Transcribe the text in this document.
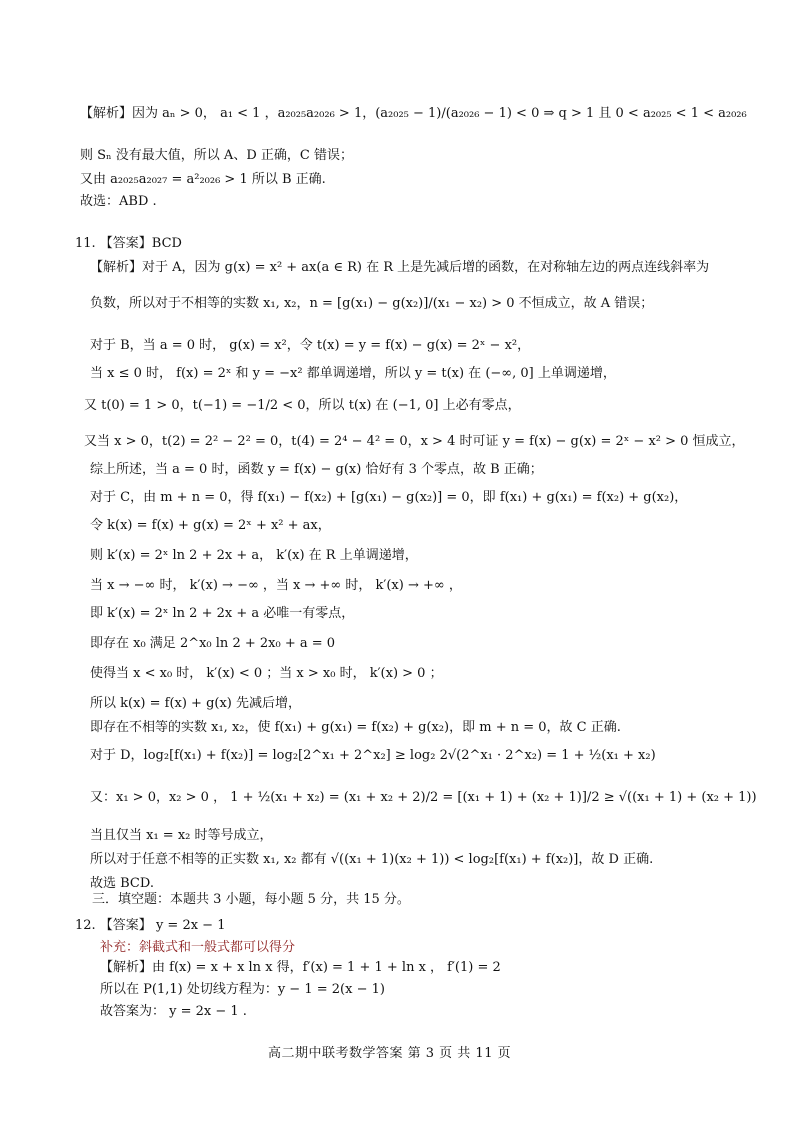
【解析】因为 aₙ > 0， a₁ < 1 ，a₂₀₂₅a₂₀₂₆ > 1，(a₂₀₂₅ − 1)/(a₂₀₂₆ − 1) < 0 ⇒ q > 1 且 0 < a₂₀₂₅ < 1 < a₂₀₂₆
则 Sₙ 没有最大值，所以 A、D 正确，C 错误；
又由 a₂₀₂₅a₂₀₂₇ = a²₂₀₂₆ > 1 所以 B 正确.
故选：ABD .
11. 【答案】BCD
【解析】对于 A，因为 g(x) = x² + ax(a ∈ R) 在 R 上是先减后增的函数，在对称轴左边的两点连线斜率为
负数，所以对于不相等的实数 x₁, x₂，n = [g(x₁) − g(x₂)]/(x₁ − x₂) > 0 不恒成立，故 A 错误；
对于 B，当 a = 0 时， g(x) = x²，令 t(x) = y = f(x) − g(x) = 2ˣ − x²，
当 x ≤ 0 时， f(x) = 2ˣ 和 y = −x² 都单调递增，所以 y = t(x) 在 (−∞, 0] 上单调递增，
又 t(0) = 1 > 0，t(−1) = −1/2 < 0，所以 t(x) 在 (−1, 0] 上必有零点，
又当 x > 0，t(2) = 2² − 2² = 0，t(4) = 2⁴ − 4² = 0，x > 4 时可证 y = f(x) − g(x) = 2ˣ − x² > 0 恒成立，
综上所述，当 a = 0 时，函数 y = f(x) − g(x) 恰好有 3 个零点，故 B 正确；
对于 C，由 m + n = 0，得 f(x₁) − f(x₂) + [g(x₁) − g(x₂)] = 0，即 f(x₁) + g(x₁) = f(x₂) + g(x₂)，
令 k(x) = f(x) + g(x) = 2ˣ + x² + ax，
则 k′(x) = 2ˣ ln 2 + 2x + a， k′(x) 在 R 上单调递增，
当 x → −∞ 时， k′(x) → −∞ ，当 x → +∞ 时， k′(x) → +∞ ，
即 k′(x) = 2ˣ ln 2 + 2x + a 必唯一有零点，
即存在 x₀ 满足 2^x₀ ln 2 + 2x₀ + a = 0
使得当 x < x₀ 时， k′(x) < 0 ；当 x > x₀ 时， k′(x) > 0 ；
所以 k(x) = f(x) + g(x) 先减后增，
即存在不相等的实数 x₁, x₂，使 f(x₁) + g(x₁) = f(x₂) + g(x₂)，即 m + n = 0，故 C 正确.
对于 D，log₂[f(x₁) + f(x₂)] = log₂[2^x₁ + 2^x₂] ≥ log₂ 2√(2^x₁ · 2^x₂) = 1 + ½(x₁ + x₂)
又：x₁ > 0，x₂ > 0 ， 1 + ½(x₁ + x₂) = (x₁ + x₂ + 2)/2 = [(x₁ + 1) + (x₂ + 1)]/2 ≥ √((x₁ + 1) + (x₂ + 1))
当且仅当 x₁ = x₂ 时等号成立，
所以对于任意不相等的正实数 x₁, x₂ 都有 √((x₁ + 1)(x₂ + 1)) < log₂[f(x₁) + f(x₂)]，故 D 正确.
故选 BCD.
三．填空题：本题共 3 小题，每小题 5 分，共 15 分。
12. 【答案】 y = 2x − 1
补充：斜截式和一般式都可以得分
【解析】由 f(x) = x + x ln x 得，f′(x) = 1 + 1 + ln x ， f′(1) = 2
所以在 P(1,1) 处切线方程为：y − 1 = 2(x − 1)
故答案为： y = 2x − 1 .
高二期中联考数学答案 第 3 页 共 11 页
